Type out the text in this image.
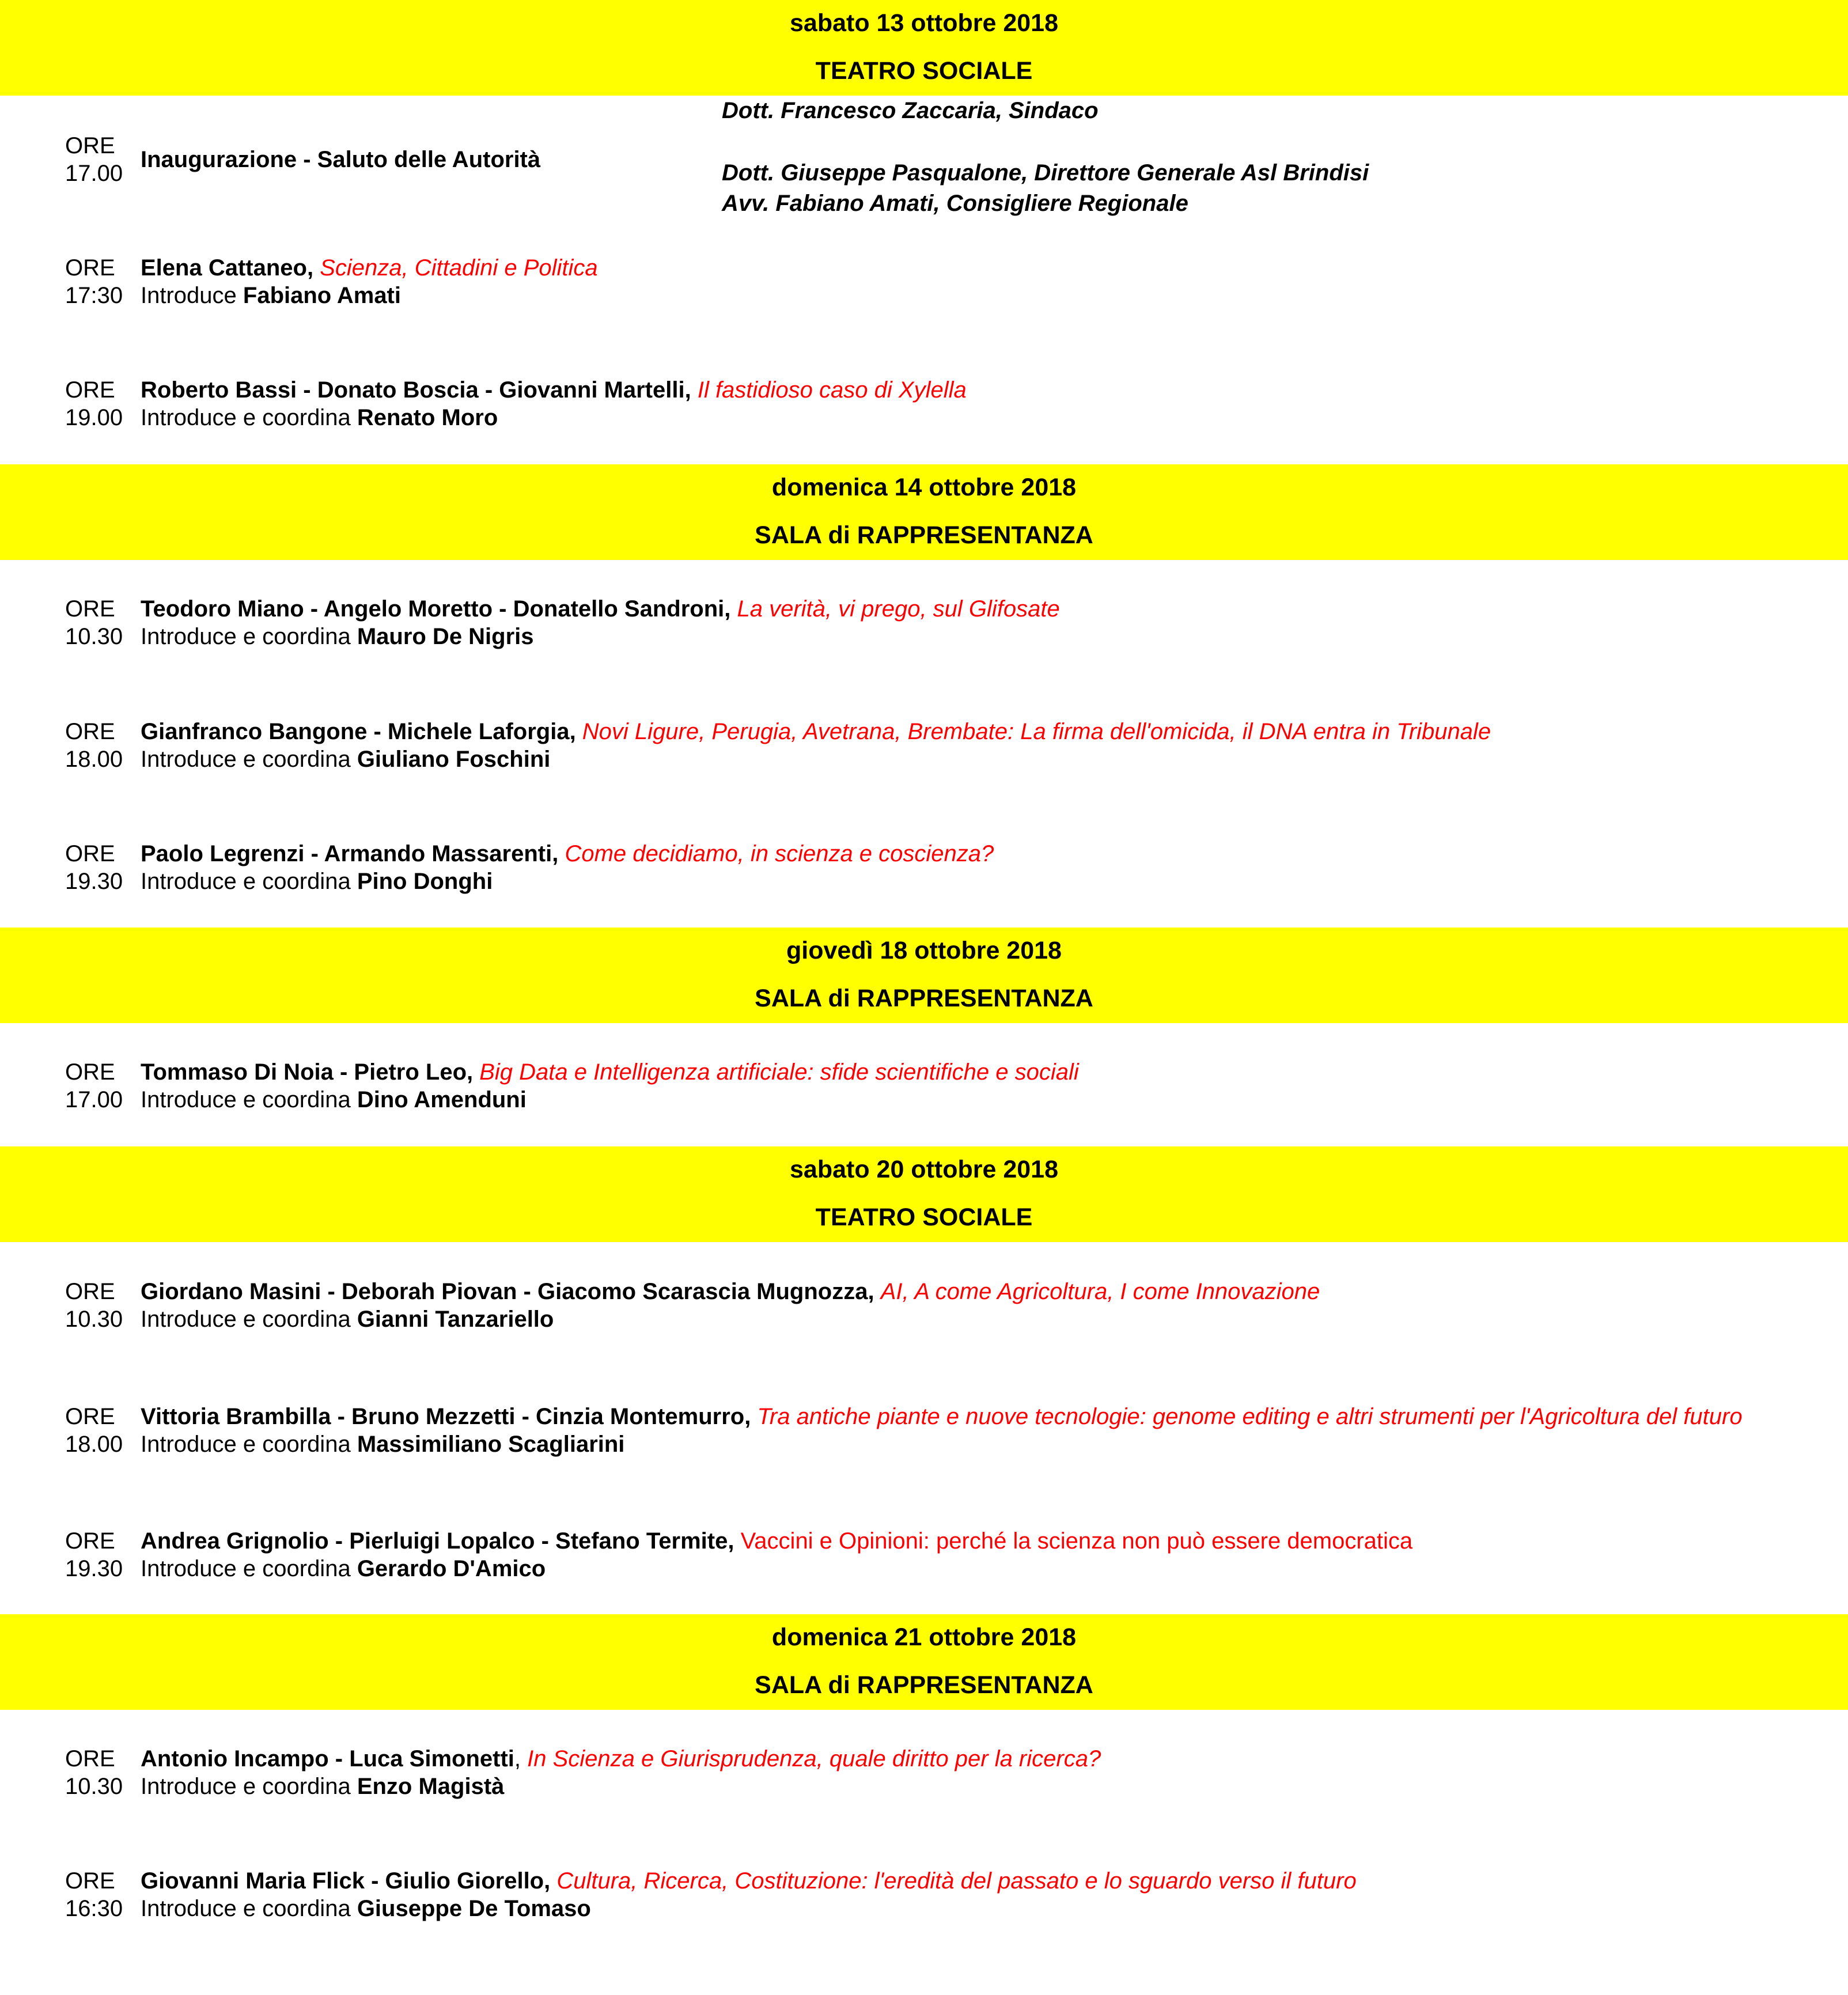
sabato 13 ottobre 2018
TEATRO SOCIALE
ORE
17.00
Inaugurazione - Saluto delle Autorità
Dott. Francesco Zaccaria, Sindaco
Dott. Giuseppe Pasqualone, Direttore Generale Asl Brindisi
Avv. Fabiano Amati, Consigliere Regionale
ORE
17:30
Elena Cattaneo, Scienza, Cittadini e Politica
Introduce Fabiano Amati
ORE
19.00
Roberto Bassi - Donato Boscia - Giovanni Martelli, Il fastidioso caso di Xylella
Introduce e coordina Renato Moro
domenica 14 ottobre 2018
SALA di RAPPRESENTANZA
ORE
10.30
Teodoro Miano - Angelo Moretto - Donatello Sandroni, La verità, vi prego, sul Glifosate
Introduce e coordina Mauro De Nigris
ORE
18.00
Gianfranco Bangone - Michele Laforgia, Novi Ligure, Perugia, Avetrana, Brembate: La firma dell'omicida, il DNA entra in Tribunale
Introduce e coordina Giuliano Foschini
ORE
19.30
Paolo Legrenzi - Armando Massarenti, Come decidiamo, in scienza e coscienza?
Introduce e coordina Pino Donghi
giovedì 18 ottobre 2018
SALA di RAPPRESENTANZA
ORE
17.00
Tommaso Di Noia - Pietro Leo, Big Data e Intelligenza artificiale: sfide scientifiche e sociali
Introduce e coordina Dino Amenduni
sabato 20 ottobre 2018
TEATRO SOCIALE
ORE
10.30
Giordano Masini - Deborah Piovan - Giacomo Scarascia Mugnozza, AI, A come Agricoltura, I come Innovazione
Introduce e coordina Gianni Tanzariello
ORE
18.00
Vittoria Brambilla - Bruno Mezzetti - Cinzia Montemurro, Tra antiche piante e nuove tecnologie: genome editing e altri strumenti per l'Agricoltura del futuro
Introduce e coordina Massimiliano Scagliarini
ORE
19.30
Andrea Grignolio - Pierluigi Lopalco - Stefano Termite, Vaccini e Opinioni: perché la scienza non può essere democratica
Introduce e coordina Gerardo D'Amico
domenica 21 ottobre 2018
SALA di RAPPRESENTANZA
ORE
10.30
Antonio Incampo - Luca Simonetti, In Scienza e Giurisprudenza, quale diritto per la ricerca?
Introduce e coordina Enzo Magistà
ORE
16:30
Giovanni Maria Flick - Giulio Giorello, Cultura, Ricerca, Costituzione: l'eredità del passato e lo sguardo verso il futuro
Introduce e coordina Giuseppe De Tomaso
